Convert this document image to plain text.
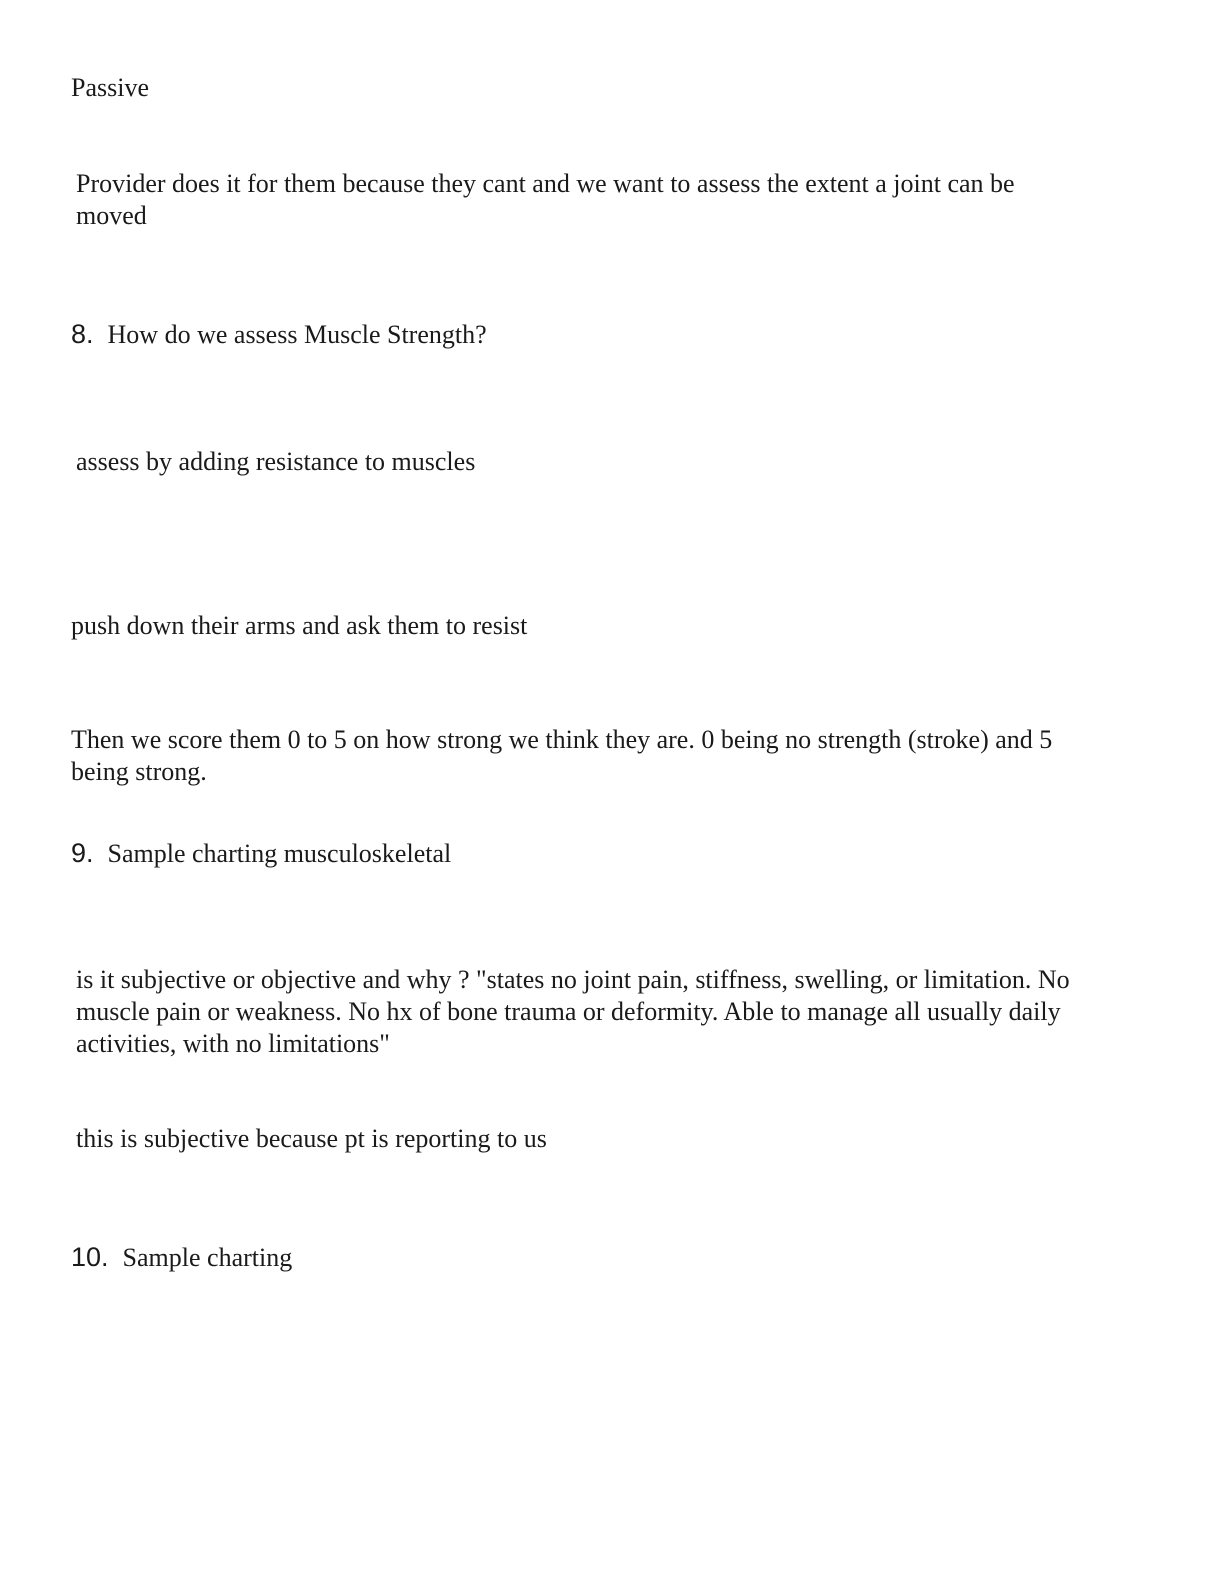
Passive
Provider does it for them because they cant and we want to assess the extent a joint can be
moved
8. How do we assess Muscle Strength?
assess by adding resistance to muscles
push down their arms and ask them to resist
Then we score them 0 to 5 on how strong we think they are. 0 being no strength (stroke) and 5
being strong.
9. Sample charting musculoskeletal
is it subjective or objective and why ? "states no joint pain, stiffness, swelling, or limitation. No
muscle pain or weakness. No hx of bone trauma or deformity. Able to manage all usually daily
activities, with no limitations"
this is subjective because pt is reporting to us
10. Sample charting
